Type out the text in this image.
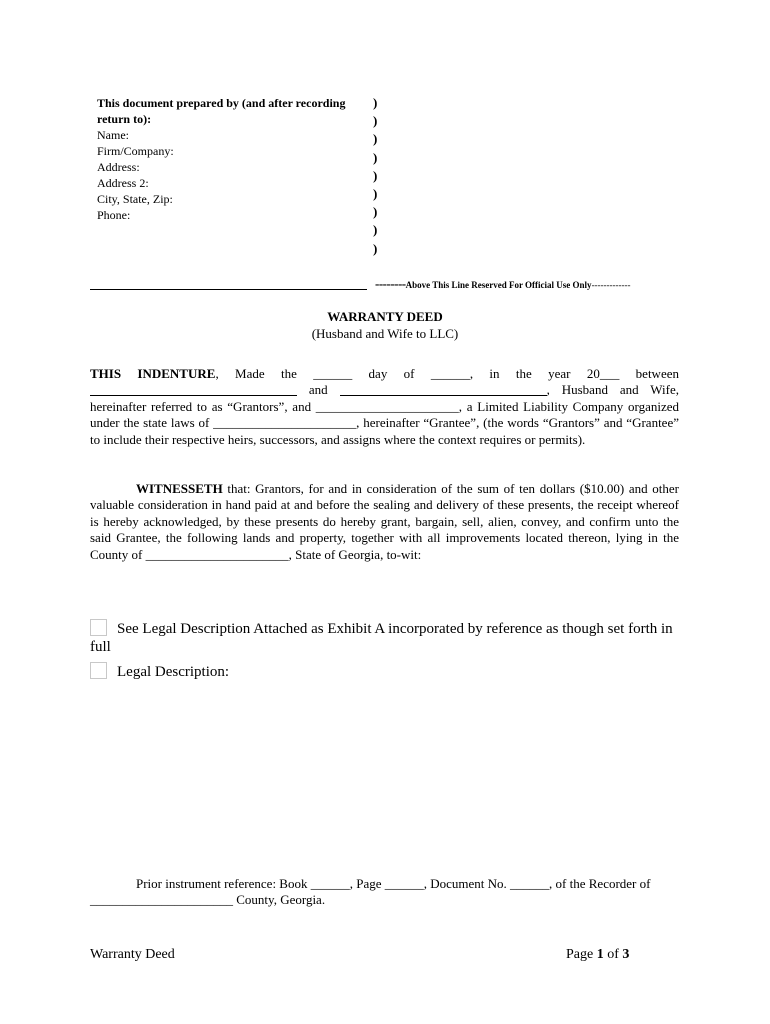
This document prepared by (and after recording
return to):
Name:
Firm/Company:
Address:
Address 2:
City, State, Zip:
Phone:
)
)
)
)
)
)
)
)
)
--------Above This Line Reserved For Official Use Only-------------
WARRANTY DEED
(Husband and Wife to LLC)
THIS INDENTURE, Made the ______ day of ______, in the year 20___ between  and	, Husband and Wife, hereinafter referred to as “Grantors”, and ______________________, a Limited Liability Company organized under the state laws of ______________________, hereinafter “Grantee”, (the words “Grantors” and “Grantee” to include their respective heirs, successors, and assigns where the context requires or permits).
WITNESSETH that: Grantors, for and in consideration of the sum of ten dollars ($10.00) and other valuable consideration in hand paid at and before the sealing and delivery of these presents, the receipt whereof is hereby acknowledged, by these presents do hereby grant, bargain, sell, alien, convey, and confirm unto the said Grantee, the following lands and property, together with all improvements located thereon, lying in the County of ______________________, State of Georgia, to-wit:
See Legal Description Attached as Exhibit A incorporated by reference as though set forth in full
Legal Description:
Prior instrument reference: Book ______, Page ______, Document No. ______, of the Recorder of ______________________ County, Georgia.
Warranty Deed	Page 1 of 3
